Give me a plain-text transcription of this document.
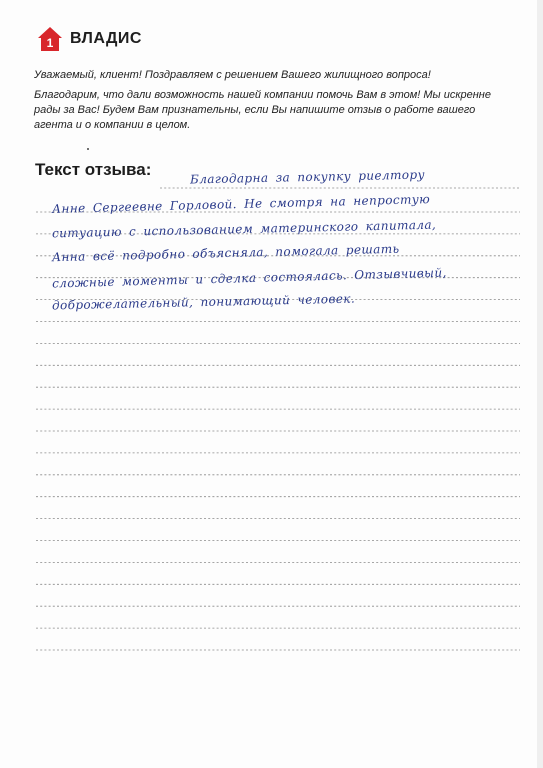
1 ВЛАДИС

Уважаемый, клиент! Поздравляем с решением Вашего жилищного вопроса!

Благодарим, что дали возможность нашей компании помочь Вам в этом! Мы искренне рады за Вас! Будем Вам признательны, если Вы напишите отзыв о работе вашего агента и о компании в целом.

Текст отзыва:	Благодарна за покупку риелтору
Анне Сергеевне Горловой. Не смотря на непростую
ситуацию с использованием материнского капитала,
Анна всё подробно объясняла, помогала решать
сложные моменты и сделка состоялась. Отзывчивый,
доброжелательный, понимающий человек.
